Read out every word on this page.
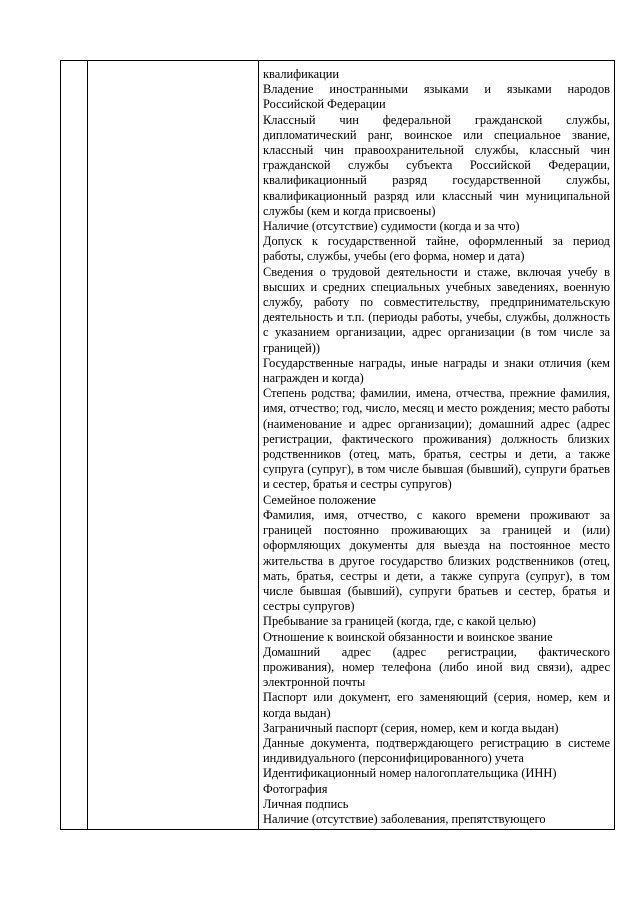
квалификации

Владение иностранными языками и языками народов Российской Федерации

Классный чин федеральной гражданской службы, дипломатический ранг, воинское или специальное звание, классный чин правоохранительной службы, классный чин гражданской службы субъекта Российской Федерации, квалификационный разряд государственной службы, квалификационный разряд или классный чин муниципальной службы (кем и когда присвоены)

Наличие (отсутствие) судимости (когда и за что)

Допуск к государственной тайне, оформленный за период работы, службы, учебы (его форма, номер и дата)

Сведения о трудовой деятельности и стаже, включая учебу в высших и средних специальных учебных заведениях, военную службу, работу по совместительству, предпринимательскую деятельность и т.п. (периоды работы, учебы, службы, должность с указанием организации, адрес организации (в том числе за границей))

Государственные награды, иные награды и знаки отличия (кем награжден и когда)

Степень родства; фамилии, имена, отчества, прежние фамилия, имя, отчество; год, число, месяц и место рождения; место работы (наименование и адрес организации); домашний адрес (адрес регистрации, фактического проживания) должность близких родственников (отец, мать, братья, сестры и дети, а также супруга (супруг), в том числе бывшая (бывший), супруги братьев и сестер, братья и сестры супругов)

Семейное положение

Фамилия, имя, отчество, с какого времени проживают за границей постоянно проживающих за границей и (или) оформляющих документы для выезда на постоянное место жительства в другое государство близких родственников (отец, мать, братья, сестры и дети, а также супруга (супруг), в том числе бывшая (бывший), супруги братьев и сестер, братья и сестры супругов)

Пребывание за границей (когда, где, с какой целью)

Отношение к воинской обязанности и воинское звание

Домашний адрес (адрес регистрации, фактического проживания), номер телефона (либо иной вид связи), адрес электронной почты

Паспорт или документ, его заменяющий (серия, номер, кем и когда выдан)

Заграничный паспорт (серия, номер, кем и когда выдан)

Данные документа, подтверждающего регистрацию в системе индивидуального (персонифицированного) учета

Идентификационный номер налогоплательщика (ИНН)

Фотография

Личная подпись

Наличие (отсутствие) заболевания, препятствующего
